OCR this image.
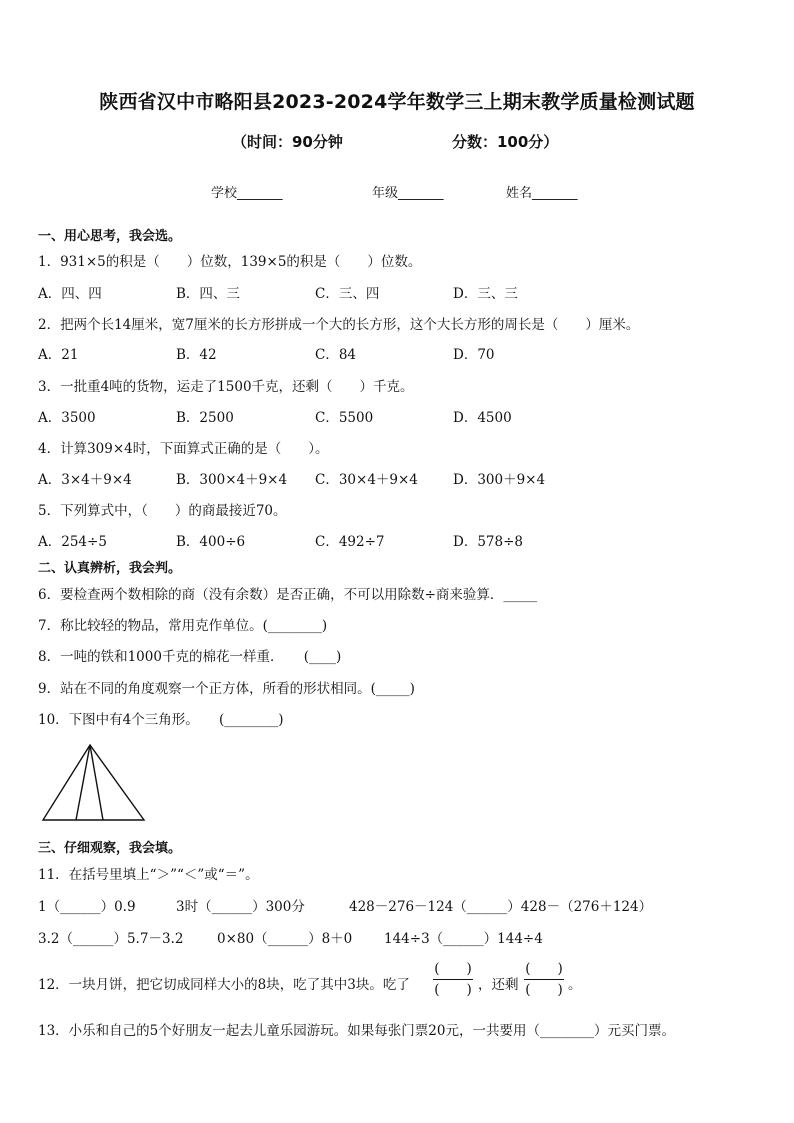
陕西省汉中市略阳县2023-2024学年数学三上期末教学质量检测试题
（时间：90分钟	分数：100分）
学校_______	年级_______	姓名_______
一、用心思考，我会选。
1．931×5的积是（　　）位数，139×5的积是（　　）位数。
A．四、四	B．四、三	C．三、四	D．三、三
2．把两个长14厘米，宽7厘米的长方形拼成一个大的长方形，这个大长方形的周长是（　　）厘米。
A．21	B．42	C．84	D．70
3．一批重4吨的货物，运走了1500千克，还剩（　　）千克。
A．3500	B．2500	C．5500	D．4500
4．计算309×4时，下面算式正确的是（　　）。
A．3×4＋9×4	B．300×4＋9×4 C．30×4＋9×4	D．300＋9×4
5．下列算式中，（　　）的商最接近70。
A．254÷5	B．400÷6	C．492÷7	D．578÷8
二、认真辨析，我会判。
6．要检查两个数相除的商（没有余数）是否正确，不可以用除数÷商来验算．_____
7．称比较轻的物品，常用克作单位。(________)
8．一吨的铁和1000千克的棉花一样重．　　(____)
9．站在不同的角度观察一个正方体，所看的形状相同。(_____)
10．下图中有4个三角形。　　(________)
三、仔细观察，我会填。
11．在括号里填上“＞”“＜”或“＝”。
1（______）0.9	3时（______）300分	428－276－124（______）428－（276＋124）
3.2（______）5.7－3.2 0×80（______）8＋0 144÷3（______）144÷4
12．一块月饼，把它切成同样大小的8块，吃了其中3块。吃了
(　　)
(　　) ，还剩
(　　)
(　　) 。
13．小乐和自己的5个好朋友一起去儿童乐园游玩。如果每张门票20元，一共要用（________）元买门票。
